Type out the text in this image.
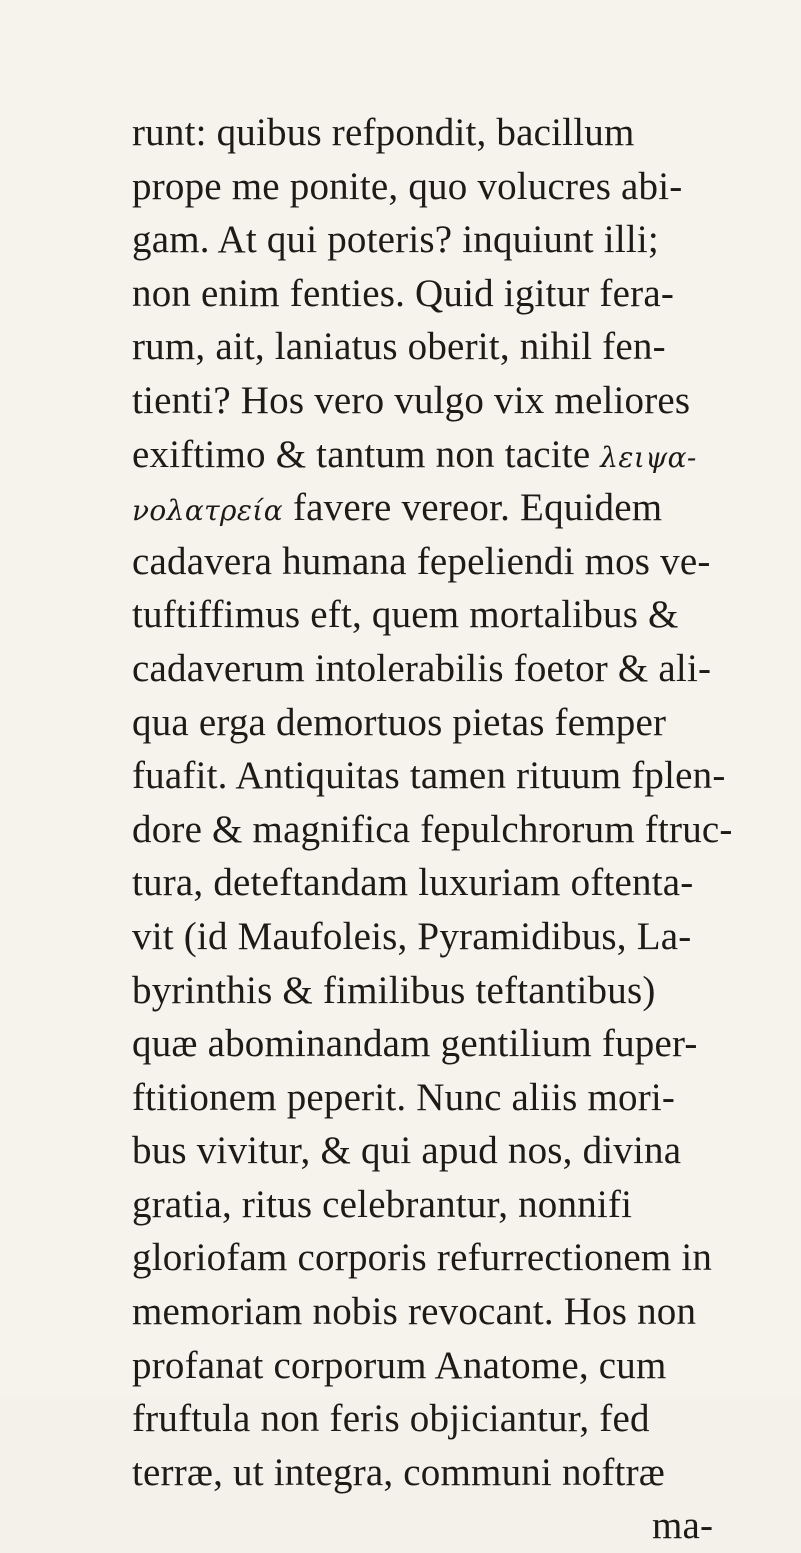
runt: quibus refpondit, bacillum
prope me ponite, quo volucres abi-
gam. At qui poteris? inquiunt illi;
non enim fenties. Quid igitur fera-
rum, ait, laniatus oberit, nihil fen-
tienti? Hos vero vulgo vix meliores
exiftimo & tantum non tacite λειψα-
νολατρεία favere vereor. Equidem
cadavera humana fepeliendi mos ve-
tuftiffimus eft, quem mortalibus &
cadaverum intolerabilis foetor & ali-
qua erga demortuos pietas femper
fuafit. Antiquitas tamen rituum fplen-
dore & magnifica fepulchrorum ftruc-
tura, deteftandam luxuriam oftenta-
vit (id Maufoleis, Pyramidibus, La-
byrinthis & fimilibus teftantibus)
quæ abominandam gentilium fuper-
ftitionem peperit. Nunc aliis mori-
bus vivitur, & qui apud nos, divina
gratia, ritus celebrantur, nonnifi
gloriofam corporis refurrectionem in
memoriam nobis revocant. Hos non
profanat corporum Anatome, cum
fruftula non feris objiciantur, fed
terræ, ut integra, communi noftræ
ma-
